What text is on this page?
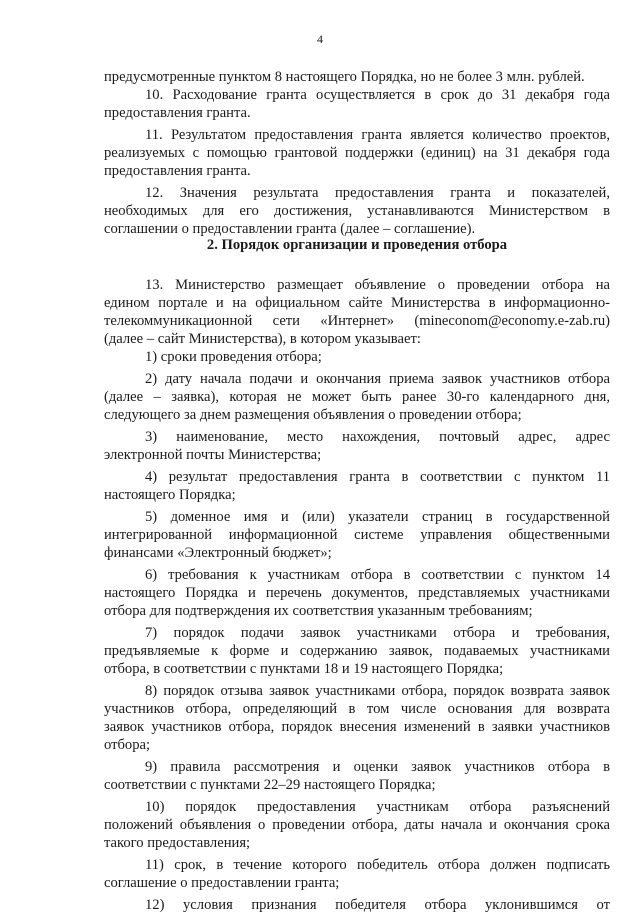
4
предусмотренные пунктом 8 настоящего Порядка, но не более 3 млн. рублей.
10. Расходование гранта осуществляется в срок до 31 декабря года
предоставления гранта.
11. Результатом предоставления гранта является количество проектов,
реализуемых с помощью грантовой поддержки (единиц) на 31 декабря года
предоставления гранта.
12. Значения результата предоставления гранта и показателей,
необходимых для его достижения, устанавливаются Министерством в
соглашении о предоставлении гранта (далее – соглашение).
2. Порядок организации и проведения отбора
13. Министерство размещает объявление о проведении отбора на
едином портале и на официальном сайте Министерства в информационно-
телекоммуникационной сети «Интернет» (mineconom@economy.e-zab.ru)
(далее – сайт Министерства), в котором указывает:
1) сроки проведения отбора;
2) дату начала подачи и окончания приема заявок участников отбора
(далее – заявка), которая не может быть ранее 30-го календарного дня,
следующего за днем размещения объявления о проведении отбора;
3) наименование, место нахождения, почтовый адрес, адрес
электронной почты Министерства;
4) результат предоставления гранта в соответствии с пунктом 11
настоящего Порядка;
5) доменное имя и (или) указатели страниц в государственной
интегрированной информационной системе управления общественными
финансами «Электронный бюджет»;
6) требования к участникам отбора в соответствии с пунктом 14
настоящего Порядка и перечень документов, представляемых участниками
отбора для подтверждения их соответствия указанным требованиям;
7) порядок подачи заявок участниками отбора и требования,
предъявляемые к форме и содержанию заявок, подаваемых участниками
отбора, в соответствии с пунктами 18 и 19 настоящего Порядка;
8) порядок отзыва заявок участниками отбора, порядок возврата заявок
участников отбора, определяющий в том числе основания для возврата
заявок участников отбора, порядок внесения изменений в заявки участников
отбора;
9) правила рассмотрения и оценки заявок участников отбора в
соответствии с пунктами 22–29 настоящего Порядка;
10) порядок предоставления участникам отбора разъяснений
положений объявления о проведении отбора, даты начала и окончания срока
такого предоставления;
11) срок, в течение которого победитель отбора должен подписать
соглашение о предоставлении гранта;
12) условия признания победителя отбора уклонившимся от
